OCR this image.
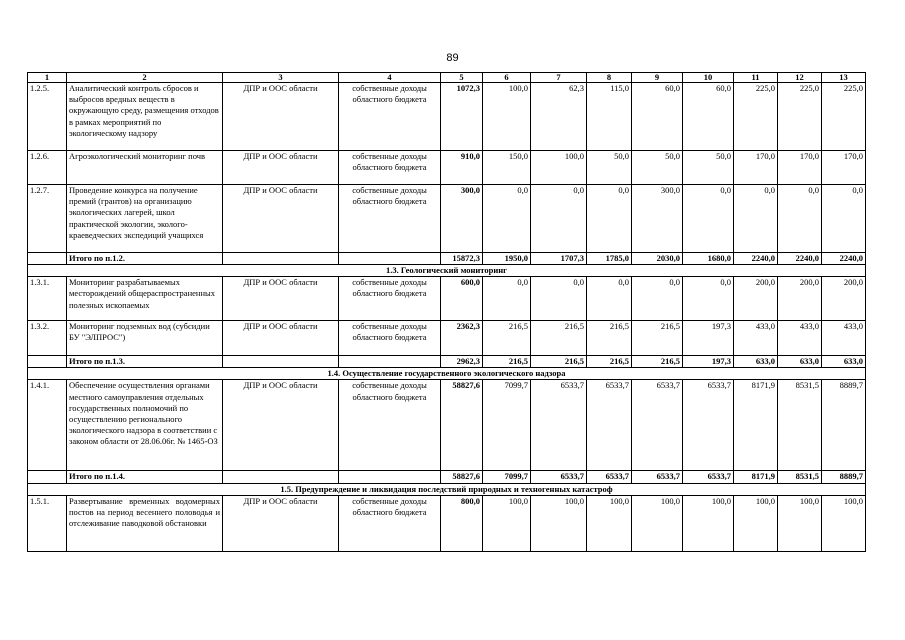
89
1	2	3	4	5	6	7	8	9	10	11	12	13
1.2.5.	Аналитический контроль сбросов и выбросов вредных веществ в окружающую среду, размещения отходов в рамках мероприятий по экологическому надзору	ДПР и ООС области	собственные доходы областного бюджета	1072,3	100,0	62,3	115,0	60,0	60,0	225,0	225,0	225,0
1.2.6.	Агроэкологический мониторинг почв	ДПР и ООС области	собственные доходы областного бюджета	910,0	150,0	100,0	50,0	50,0	50,0	170,0	170,0	170,0
1.2.7.	Проведение конкурса на получение премий (грантов) на организацию экологических лагерей, школ практической экологии, эколого-краеведческих экспедиций учащихся	ДПР и ООС области	собственные доходы областного бюджета	300,0	0,0	0,0	0,0	300,0	0,0	0,0	0,0	0,0
	Итого по п.1.2.			15872,3	1950,0	1707,3	1785,0	2030,0	1680,0	2240,0	2240,0	2240,0
1.3. Геологический мониторинг												
1.3.1.	Мониторинг разрабатываемых месторождений общераспространенных полезных ископаемых	ДПР и ООС области	собственные доходы областного бюджета	600,0	0,0	0,0	0,0	0,0	0,0	200,0	200,0	200,0
1.3.2.	Мониторинг подземных вод (субсидии БУ "ЭЛПРОС")	ДПР и ООС области	собственные доходы областного бюджета	2362,3	216,5	216,5	216,5	216,5	197,3	433,0	433,0	433,0
	Итого по п.1.3.			2962,3	216,5	216,5	216,5	216,5	197,3	633,0	633,0	633,0
1.4. Осуществление государственного экологического надзора												
1.4.1.	Обеспечение осуществления органами местного самоуправления отдельных государственных полномочий по осуществлению регионального экологического надзора в соответствии с законом области от 28.06.06г. № 1465-ОЗ	ДПР и ООС области	собственные доходы областного бюджета	58827,6	7099,7	6533,7	6533,7	6533,7	6533,7	8171,9	8531,5	8889,7
	Итого по п.1.4.			58827,6	7099,7	6533,7	6533,7	6533,7	6533,7	8171,9	8531,5	8889,7
1.5. Предупреждение и ликвидация последствий природных и техногенных катастроф												
1.5.1.	Развертывание временных водомерных постов на период весеннего половодья и отслеживание паводковой обстановки	ДПР и ООС области	собственные доходы областного бюджета	800,0	100,0	100,0	100,0	100,0	100,0	100,0	100,0	100,0
